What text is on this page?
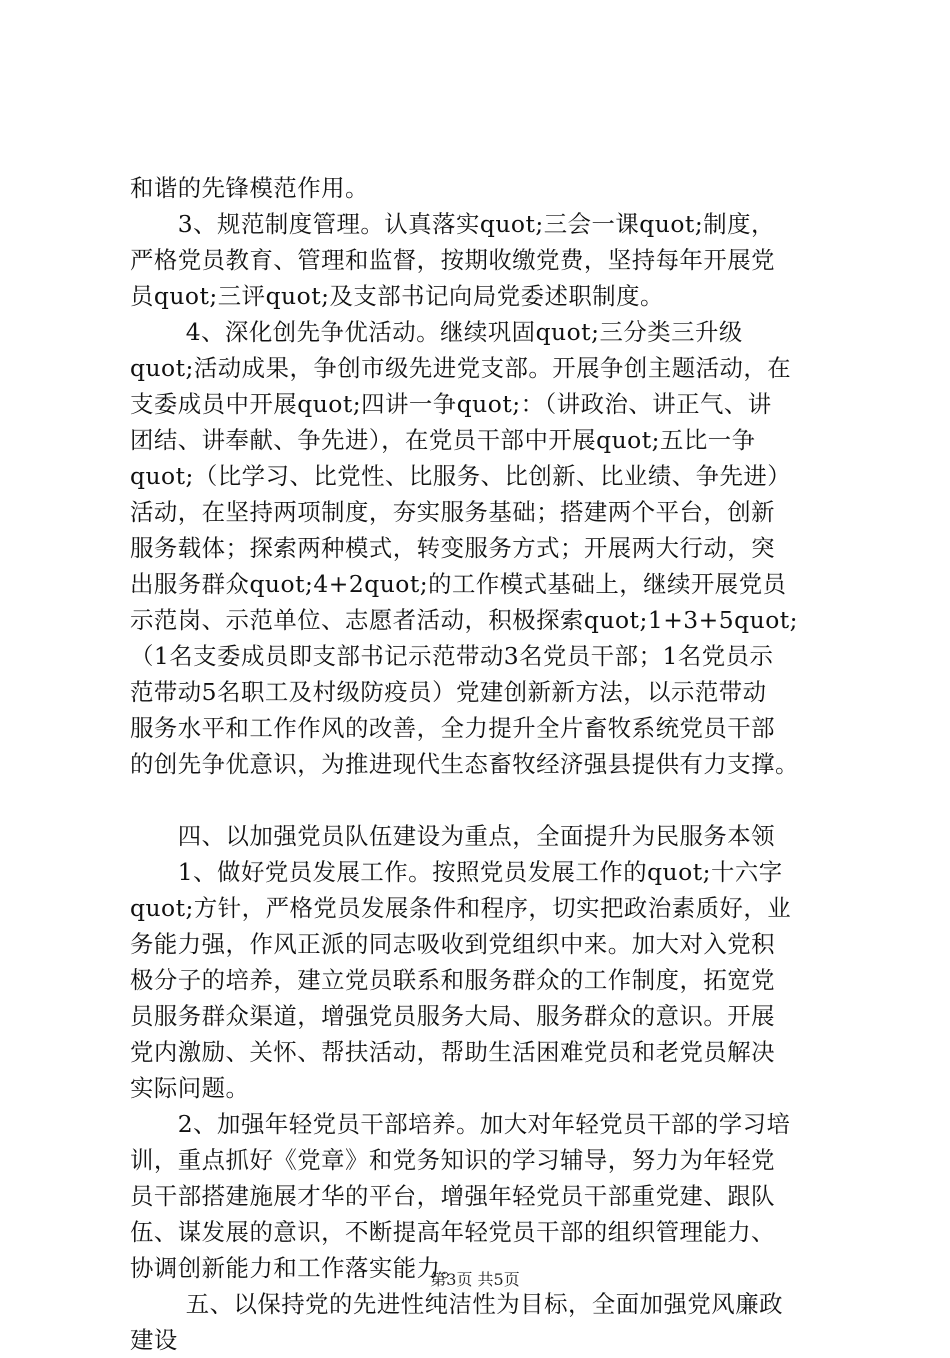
和谐的先锋模范作用。
　　3、规范制度管理。认真落实quot;三会一课quot;制度，
严格党员教育、管理和监督，按期收缴党费，坚持每年开展党
员quot;三评quot;及支部书记向局党委述职制度。
　　 4、深化创先争优活动。继续巩固quot;三分类三升级
quot;活动成果，争创市级先进党支部。开展争创主题活动，在
支委成员中开展quot;四讲一争quot;：（讲政治、讲正气、讲
团结、讲奉献、争先进），在党员干部中开展quot;五比一争
quot;（比学习、比党性、比服务、比创新、比业绩、争先进）
活动，在坚持两项制度，夯实服务基础；搭建两个平台，创新
服务载体；探索两种模式，转变服务方式；开展两大行动，突
出服务群众quot;4+2quot;的工作模式基础上，继续开展党员
示范岗、示范单位、志愿者活动，积极探索quot;1+3+5quot;
（1名支委成员即支部书记示范带动3名党员干部；1名党员示
范带动5名职工及村级防疫员）党建创新新方法，以示范带动
服务水平和工作作风的改善，全力提升全片畜牧系统党员干部
的创先争优意识，为推进现代生态畜牧经济强县提供有力支撑。
　　四、以加强党员队伍建设为重点，全面提升为民服务本领
　　1、做好党员发展工作。按照党员发展工作的quot;十六字
quot;方针，严格党员发展条件和程序，切实把政治素质好，业
务能力强，作风正派的同志吸收到党组织中来。加大对入党积
极分子的培养，建立党员联系和服务群众的工作制度，拓宽党
员服务群众渠道，增强党员服务大局、服务群众的意识。开展
党内激励、关怀、帮扶活动，帮助生活困难党员和老党员解决
实际问题。
　　2、加强年轻党员干部培养。加大对年轻党员干部的学习培
训，重点抓好《党章》和党务知识的学习辅导，努力为年轻党
员干部搭建施展才华的平台，增强年轻党员干部重党建、跟队
伍、谋发展的意识，不断提高年轻党员干部的组织管理能力、
协调创新能力和工作落实能力。
　　 五、以保持党的先进性纯洁性为目标，全面加强党风廉政
建设
第3页 共5页
